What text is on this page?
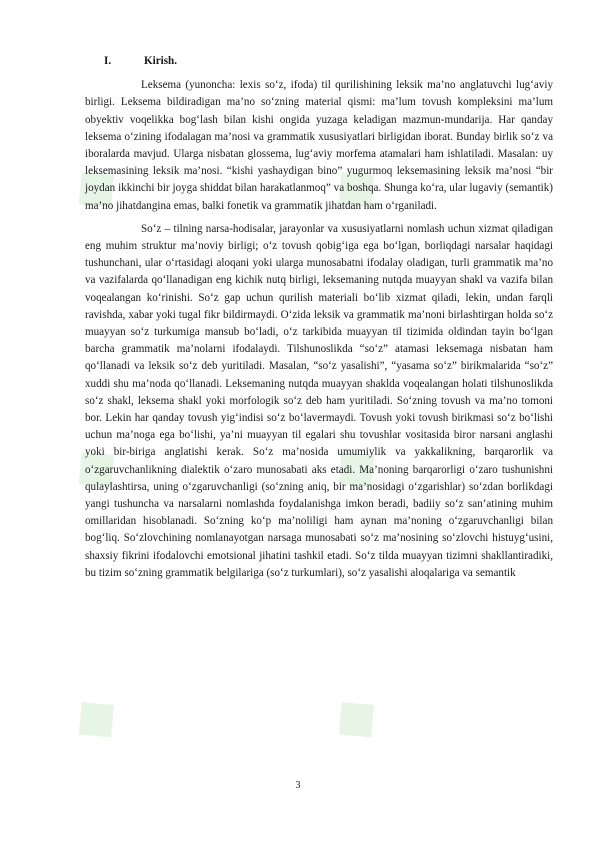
◆	◆
◆	◆
◆	◆
I.	Kirish.

Leksema (yunoncha: lexis so‘z, ifoda) til qurilishining leksik ma’no anglatuvchi lug‘aviy birligi. Leksema bildiradigan ma’no so‘zning material qismi: ma’lum tovush kompleksini ma’lum obyektiv voqelikka bog‘lash bilan kishi ongida yuzaga keladigan mazmun-mundarija. Har qanday leksema o‘zining ifodalagan ma’nosi va grammatik xususiyatlari birligidan iborat. Bunday birlik so‘z va iboralarda mavjud. Ularga nisbatan glossema, lug‘aviy morfema atamalari ham ishlatiladi. Masalan: uy leksemasining leksik ma’nosi. “kishi yashaydigan bino” yugurmoq leksemasining leksik ma’nosi “bir joydan ikkinchi bir joyga shiddat bilan harakatlanmoq” va boshqa. Shunga ko‘ra, ular lugaviy (semantik) ma’no jihatdangina emas, balki fonetik va grammatik jihatdan ham o‘rganiladi.

So‘z – tilning narsa-hodisalar, jarayonlar va xususiyatlarni nomlash uchun xizmat qiladigan eng muhim struktur ma’noviy birligi; o‘z tovush qobig‘iga ega bo‘lgan, borliqdagi narsalar haqidagi tushunchani, ular o‘rtasidagi aloqani yoki ularga munosabatni ifodalay oladigan, turli grammatik ma’no va vazifalarda qo‘llanadigan eng kichik nutq birligi, leksemaning nutqda muayyan shakl va vazifa bilan voqealangan ko‘rinishi. So‘z gap uchun qurilish materiali bo‘lib xizmat qiladi, lekin, undan farqli ravishda, xabar yoki tugal fikr bildirmaydi. O‘zida leksik va grammatik ma’noni birlashtirgan holda so‘z muayyan so‘z turkumiga mansub bo‘ladi, o‘z tarkibida muayyan til tizimida oldindan tayin bo‘lgan barcha grammatik ma’nolarni ifodalaydi. Tilshunoslikda “so‘z” atamasi leksemaga nisbatan ham qo‘llanadi va leksik so‘z deb yuritiladi. Masalan, “so‘z yasalishi”, “yasama so‘z” birikmalarida “so‘z” xuddi shu ma’noda qo‘llanadi. Leksemaning nutqda muayyan shaklda voqealangan holati tilshunoslikda so‘z shakl, leksema shakl yoki morfologik so‘z deb ham yuritiladi. So‘zning tovush va ma’no tomoni bor. Lekin har qanday tovush yig‘indisi so‘z bo‘lavermaydi. Tovush yoki tovush birikmasi so‘z bo‘lishi uchun ma’noga ega bo‘lishi, ya’ni muayyan til egalari shu tovushlar vositasida biror narsani anglashi yoki bir-biriga anglatishi kerak. So‘z ma’nosida umumiylik va yakkalikning, barqarorlik va o‘zgaruvchanlikning dialektik o‘zaro munosabati aks etadi. Ma’noning barqarorligi o‘zaro tushunishni qulaylashtirsa, uning o‘zgaruvchanligi (so‘zning aniq, bir ma’nosidagi o‘zgarishlar) so‘zdan borlikdagi yangi tushuncha va narsalarni nomlashda foydalanishga imkon beradi, badiiy so‘z san’atining muhim omillaridan hisoblanadi. So‘zning ko‘p ma’noliligi ham aynan ma’noning o‘zgaruvchanligi bilan bog‘liq. So‘zlovchining nomlanayotgan narsaga munosabati so‘z ma’nosining so‘zlovchi histuyg‘usini, shaxsiy fikrini ifodalovchi emotsional jihatini tashkil etadi. So‘z tilda muayyan tizimni shakllantiradiki, bu tizim so‘zning grammatik belgilariga (so‘z turkumlari), so‘z yasalishi aloqalariga va semantik

3
